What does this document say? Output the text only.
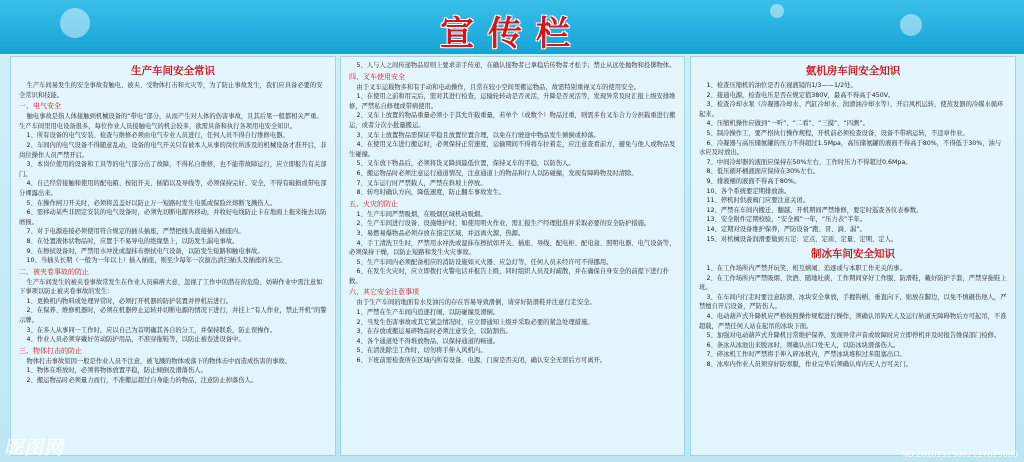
宣传栏
生产车间安全常识

生产车间易发生的安全事故有触电、被夹、受物体打击和火灾等，为了防止事故发生，我们应具备必要的安全常识和技能。

一、电气安全

触电事故是指人体接触到机械设备的“带电”部分，从而产生对人体的伤害事故，且其后果一般都相关严重。生产车间里用电设备很多，每位作业人员接触电气的机会较多，欲需具备和执行各项用电安全知识。

1、所有设备的电气安装、检查与维修必须由电气专业人员进行，任何人员不得自行维修电器。

2、车间内的电气设备不得随意乱动，设备的电气开关只有被本人从事的岗位所涉及的机械设备才准开启，非岗位操作人员严禁开启。

3、本岗位使用的设备和工具等的电气部分出了故障，不得私自维修，也不能带故障运行，应立即报告有关部门。

4、自己经常接触和使用的配电箱、按钮开关、插销以及导线等，必须保持完好、安全，不得有破损或带电部分裸露出来。

5、在操作闸刀开关时，必须将盖盖好以防止万一短路时发生电弧或保险丝熔断飞溅伤人。

6、需移动某些非固定安装的电气设备时，必须先切断电源再移动，并收好电线防止卡在地面上拖来拖去以防磨损。

7、对于电源连接必须使用符合规定的插头插座，严禁把线头直接插入插座内。

8、在处置液体状物品时，应置于不易导电的绝缘垫上，以防发生漏电事故。

9、在擦拭设备时，严禁用水冲洗或湿抹布擦拭电气设备，以防发生短路和触电事故。

10、当插头长期（一般为一年以上）插入插座，则至少每年一次拔出清扫插头及插座的灰尘。

二、被夹卷事故的防止

生产车间发生的被夹卷事故常发生在作业人员麻痹大意、忽视了工作中的潜在的危险、妨碍作业中需注意如下事项以防止被夹卷事故的发生：

1、更换机内物料或处理异常时，必须打开机器的防护装置并停机后进行。

2、在保养、维修机器时，必须在机器停止运转并切断电源的情况下进行，并挂上“有人作业，禁止开机”的警示牌。

3、在多人从事同一工作时，应以自己为首明确其各自的分工，并保持联系，防止误操作。

4、作业人员必须穿戴好劳动防护用品，不准穿拖鞋等，以防止被卷进设备中。

三、物体打击的防止

物体打击事故原因一般是作业人员不注意，被飞溅的物体或落下的物体击中而造成伤害的事故。

1、物体在堆放时，必须将物体放置平稳，防止倾倒及滑落伤人。

2、搬运物品时必须量力而行，不准搬运超过自身能力的物品，注意防止掉落伤人。

5、人与人之间传递物品原则上要求亲手传递，在确认接物者已拿稳后传物者才松手；禁止从远处抛物和投掷物体。

四、叉车使用安全

由于叉车运载物多和有手动和电动操作，且常在较小空间里搬运物品，故需特别重视叉车的使用安全。

1、在使用之前和用完后，需对其进行检查，运输轮转动是否灵活，升降是否灵活等，发现异常及时汇报上级安排维修，严禁私自修理或带病使用。

2、叉车上放置的物品重量必须小于其允许载重量，若单个（或数个）物品过重，则需多台叉车合力分担载重进行搬运，或者分次小批量搬运。

3、叉车上放置物品需保证平稳且放置位置合理，以免在行驶途中物品发生倾倒或掉落。

4、在使用叉车进行搬运时，必须保持正常速度，运输期间不得将车拉着走，应注意查看前方，避免与他人或物品发生碰撞。

5、叉车放下物品后，必须将货叉降到最低位置，保持叉车的平稳，以防伤人。

6、搬运物品时必须注意运行通道情况，注意通道上的物品和行人以防碰撞，发现有障碍物及时清除。

7、叉车运行时严禁载人，严禁在斜坡上停放。

8、转弯时确认方向，降低速度，防止翻车事故发生。

五、火灾的防止

1、生产车间严禁吸烟，在吸烟区域机动吸烟。

2、生产车间进行设备、设施维护时，如使用明火作业，需汇报生产经理批准并采取必要的安全防护措施。

3、易燃易爆物品必须存放在指定区域，并远离火源、热源。

4、手工清洗卫生时，严禁用水冲洗或湿抹布擦拭如开关、插座、导线、配电柜、配电盒、照明电器、电气设备等，必须保持干燥，以防止短路和发生火灾事故。

5、生产车间内必须配备相应的消防设施如灭火器、应急灯等，任何人员未经许可不得挪用。

6、在发生火灾时，应立即拨打火警电话并报告上级，同时组织人员及时疏散，并在确保自身安全的前提下进行扑救。

六、其它安全注意事项

由于生产车间的地面有水及油污的存在容易导致滑倒，请穿好防滑鞋并注意行走安全。

1、严禁在生产车间内追逐打闹，以防碰撞及滑倒。

2、当发生伤害事故或其它紧急情况时，应立即通知上级并采取必要的紧急处理措施。

3、在存放或搬运易碎物品时必须注意安全，以防割伤。

4、各个通道处不得堆放物品，以保持通道的畅通。

5、在清洗除尘工作时，切勿将手伸入风机内。

6、下班前需检查所在区域内所有设备、电源、门窗是否关闭，确认安全无误后方可离开。

氨机房车间安全知识

1、检查压缩机的油位是否在视液镜的1/3——1/2处。

2、接通电源，检查电压是否在规定值380V，最高不得高于450V。

3、检查冷却水泵（冷凝器冷却水、汽缸冷却水、润滑油冷却水等），开启风机运转，使蒸发器的冷媒水循环起来。

4、压缩机操作应做到“一听”、“二看”、“三摸”、“四测”。

5、制冷操作工，要严格执行操作规程，开机前必须检查设备，设备不带病运转，不违章作业。

6、冷凝器与高压储氨罐的压力不得超过1.5Mpa，高压储氨罐的液面不得高于80%，不得低于30%，油与水应及时放出。

7、中间冷却器的液面应保持在50%左右，工作时压力不得超过0.6Mpa。

8、低压循环桶液面应保持在30%左右。

9、排液桶的液面不得高于80%。

10、各个系统要定期排放油。

11、停机时供液阀门应要注意关闭。

12、严禁在车间内搬迁、翻越、开机期间严禁维修，要定时巡查各仪表参数。

13、安全附件定期校验，“安全阀”一年，“压力表”半年。

14、定期对设备维护保养，严防设备“跑、冒、滴、漏”。

15、对机械设备润滑要做到五定：定点、定质、定量、定期、定人。

制冰车间安全知识

1、在工作场所内严禁开玩笑、相互嬉闹、追逐或与本职工作无关的事。

2、在工作场所内严禁吸烟、饮酒、随地吐痰，工作期间穿好工作服、防滑鞋，戴好防护手套，严禁穿拖鞋上班。

3、在车间内行走时要注意防滑，冰块安全拿放，手握钩柄，垂直向下，贴放在脚边，以免不慎砸伤他人，严禁擅自开启设备，严防伤人。

4、电动葫芦式升降机应严格按照操作规程进行操作，须确认吊钩无人及运行轨道无障碍物后方可起吊，不准超载，严禁任何人站在起吊的冰块下面。

5、加强对电动葫芦式升降机日常维护保养，发现异常声音或故障时应立即停机并及时报告维保部门检修。

6、条冰从冰池出来脱冰时，须确认出口处无人，以防冰块滑落伤人。

7、碎冰机工作时严禁将手伸入碎冰机内，严禁冰块堆积过多阻塞出口。

8、冰库内作业人员须穿好防寒服，作业完毕后须确认库内无人方可关门。

昵图网	NO:20101125082117029000
